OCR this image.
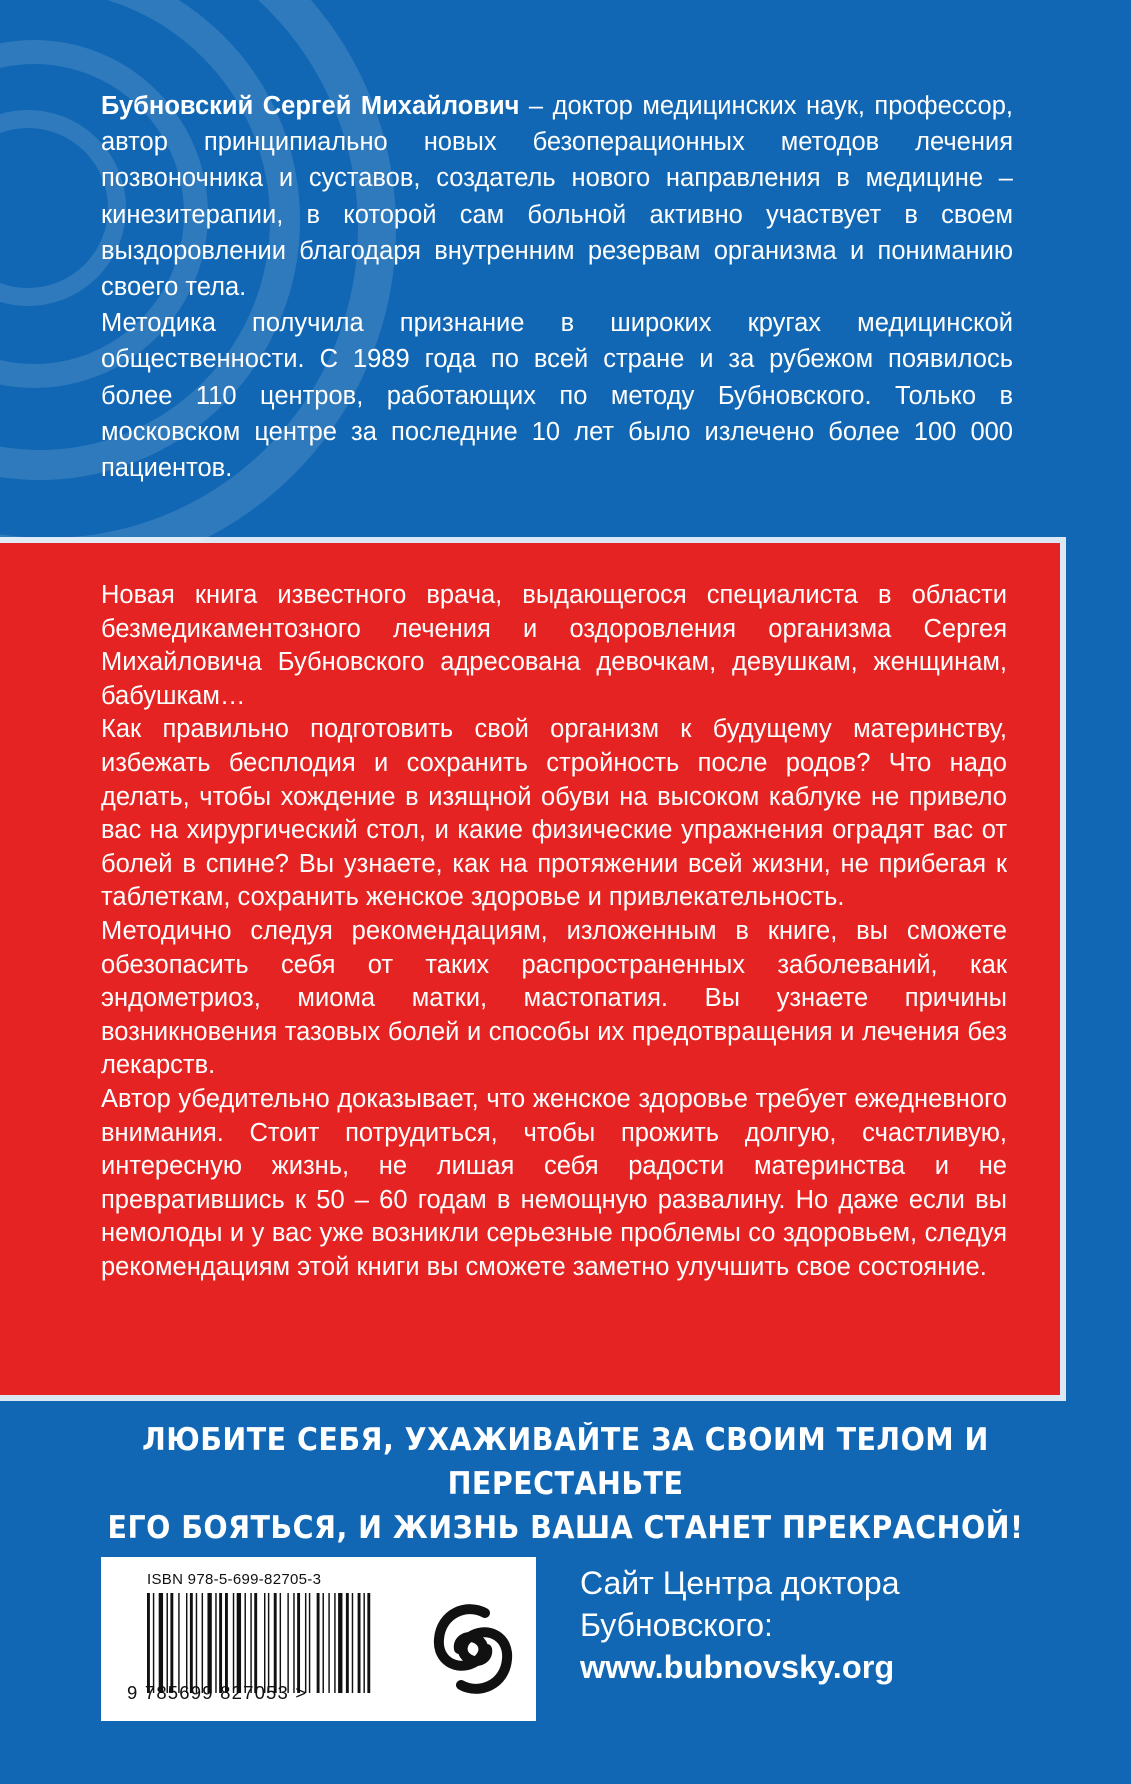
Бубновский Сергей Михайлович – доктор медицинских наук, профессор, автор принципиально новых безоперационных методов лечения позвоночника и суставов, создатель нового направления в медицине – кинезитерапии, в которой сам больной активно участвует в своем выздоровлении благодаря внутренним резервам организма и пониманию своего тела.

Методика получила признание в широких кругах медицинской общественности. С 1989 года по всей стране и за рубежом появилось более 110 центров, работающих по методу Бубновского. Только в московском центре за последние 10 лет было излечено более 100 000 пациентов.

Новая книга известного врача, выдающегося специалиста в области безмедикаментозного лечения и оздоровления организма Сергея Михайловича Бубновского адресована девочкам, девушкам, женщинам, бабушкам…

Как правильно подготовить свой организм к будущему материнству, избежать бесплодия и сохранить стройность после родов? Что надо делать, чтобы хождение в изящной обуви на высоком каблуке не привело вас на хирургический стол, и какие физические упражнения оградят вас от болей в спине? Вы узнаете, как на протяжении всей жизни, не прибегая к таблеткам, сохранить женское здоровье и привлекательность.

Методично следуя рекомендациям, изложенным в книге, вы сможете обезопасить себя от таких распространенных заболеваний, как эндометриоз, миома матки, мастопатия. Вы узнаете причины возникновения тазовых болей и способы их предотвращения и лечения без лекарств.

Автор убедительно доказывает, что женское здоровье требует ежедневного внимания. Стоит потрудиться, чтобы прожить долгую, счастливую, интересную жизнь, не лишая себя радости материнства и не превратившись к 50 – 60 годам в немощную развалину. Но даже если вы немолоды и у вас уже возникли серьезные проблемы со здоровьем, следуя рекомендациям этой книги вы сможете заметно улучшить свое состояние.

ЛЮБИТЕ СЕБЯ, УХАЖИВАЙТЕ ЗА СВОИМ ТЕЛОМ И ПЕРЕСТАНЬТЕ
ЕГО БОЯТЬСЯ, И ЖИЗНЬ ВАША СТАНЕТ ПРЕКРАСНОЙ!
ISBN 978-5-699-82705-3
9 785699 827053 >
Сайт Центра доктора
Бубновского:
www.bubnovsky.org
